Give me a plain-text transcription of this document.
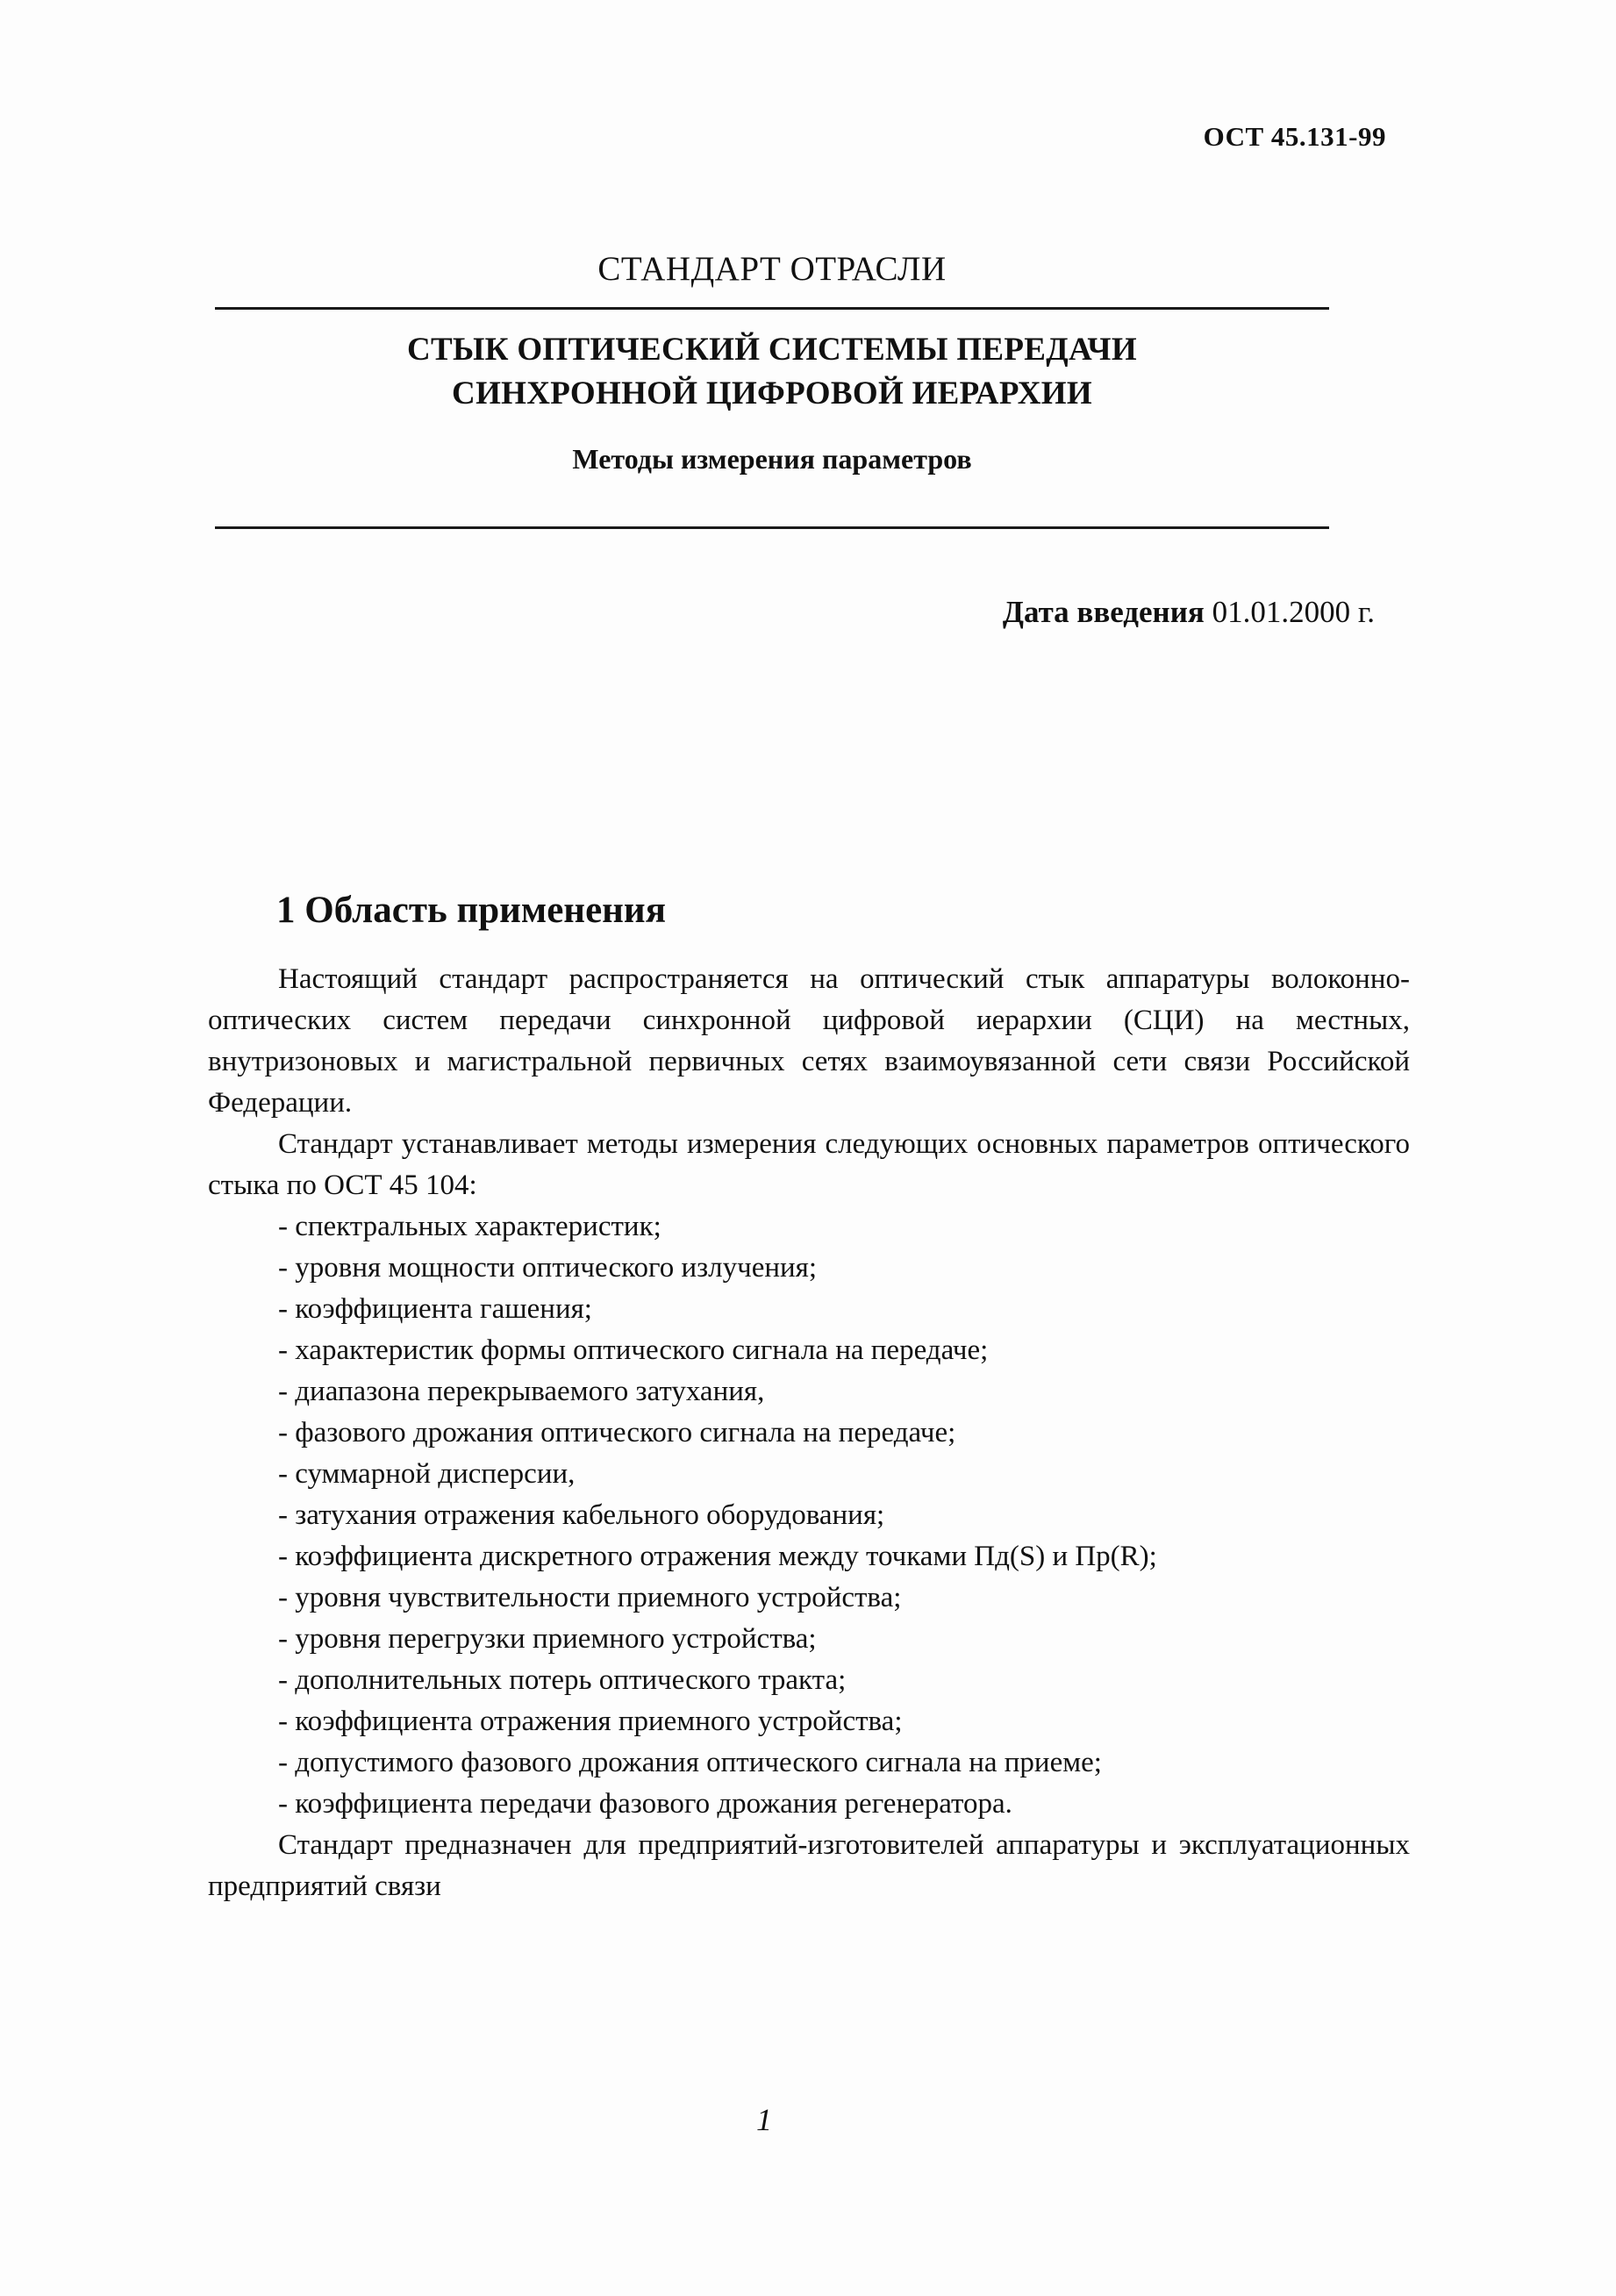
ОСТ 45.131-99
СТАНДАРТ ОТРАСЛИ
СТЫК ОПТИЧЕСКИЙ СИСТЕМЫ ПЕРЕДАЧИ
СИНХРОННОЙ ЦИФРОВОЙ ИЕРАРХИИ
Методы измерения параметров
Дата введения 01.01.2000 г.
1 Область применения

Настоящий стандарт распространяется на оптический стык аппаратуры волоконно-оптических систем передачи синхронной цифровой иерархии (СЦИ) на местных, внутризоновых и магистральной первичных сетях взаимоувязанной сети связи Российской Федерации.

Стандарт устанавливает методы измерения следующих основных параметров оптического стыка по ОСТ 45 104:

- спектральных характеристик;
- уровня мощности оптического излучения;
- коэффициента гашения;
- характеристик формы оптического сигнала на передаче;
- диапазона перекрываемого затухания,
- фазового дрожания оптического сигнала на передаче;
- суммарной дисперсии,
- затухания отражения кабельного оборудования;
- коэффициента дискретного отражения между точками Пд(S) и Пр(R);
- уровня чувствительности приемного устройства;
- уровня перегрузки приемного устройства;
- дополнительных потерь оптического тракта;
- коэффициента отражения приемного устройства;
- допустимого фазового дрожания оптического сигнала на приеме;
- коэффициента передачи фазового дрожания регенератора.

Стандарт предназначен для предприятий-изготовителей аппаратуры и эксплуатационных предприятий связи

1
